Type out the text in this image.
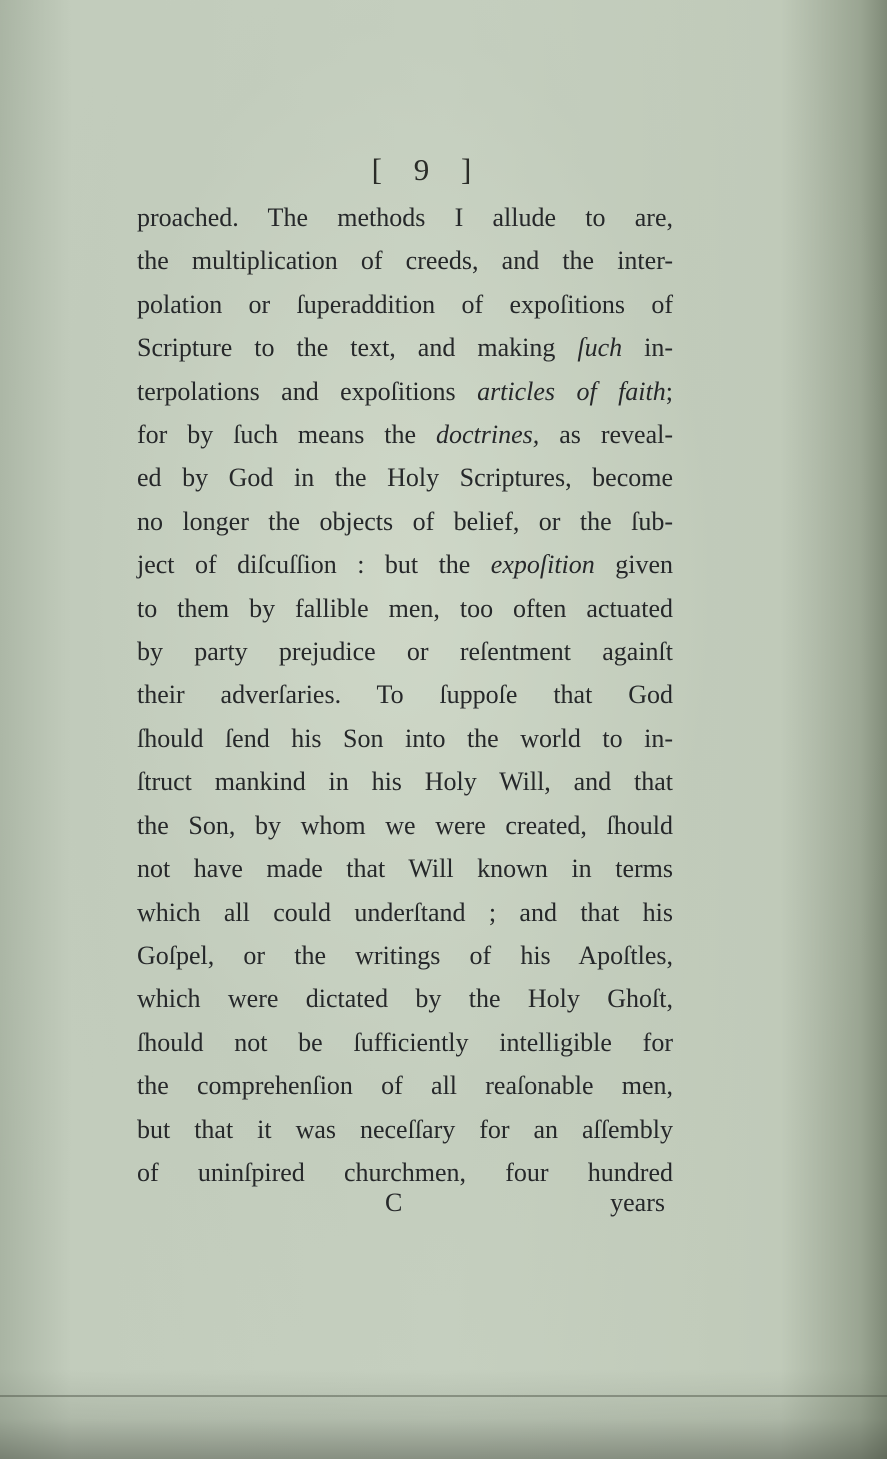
[ 9 ]
proached. The methods I allude to are,
the multiplication of creeds, and the inter-
polation or ſuperaddition of expoſitions of
Scripture to the text, and making ſuch in-
terpolations and expoſitions articles of faith;
for by ſuch means the doctrines, as reveal-
ed by God in the Holy Scriptures, become
no longer the objects of belief, or the ſub-
ject of diſcuſſion : but the expoſition given
to them by fallible men, too often actuated
by party prejudice or reſentment againſt
their adverſaries. To ſuppoſe that God
ſhould ſend his Son into the world to in-
ſtruct mankind in his Holy Will, and that
the Son, by whom we were created, ſhould
not have made that Will known in terms
which all could underſtand ; and that his
Goſpel, or the writings of his Apoſtles,
which were dictated by the Holy Ghoſt,
ſhould not be ſufficiently intelligible for
the comprehenſion of all reaſonable men,
but that it was neceſſary for an aſſembly
of uninſpired churchmen, four hundred
C	years
